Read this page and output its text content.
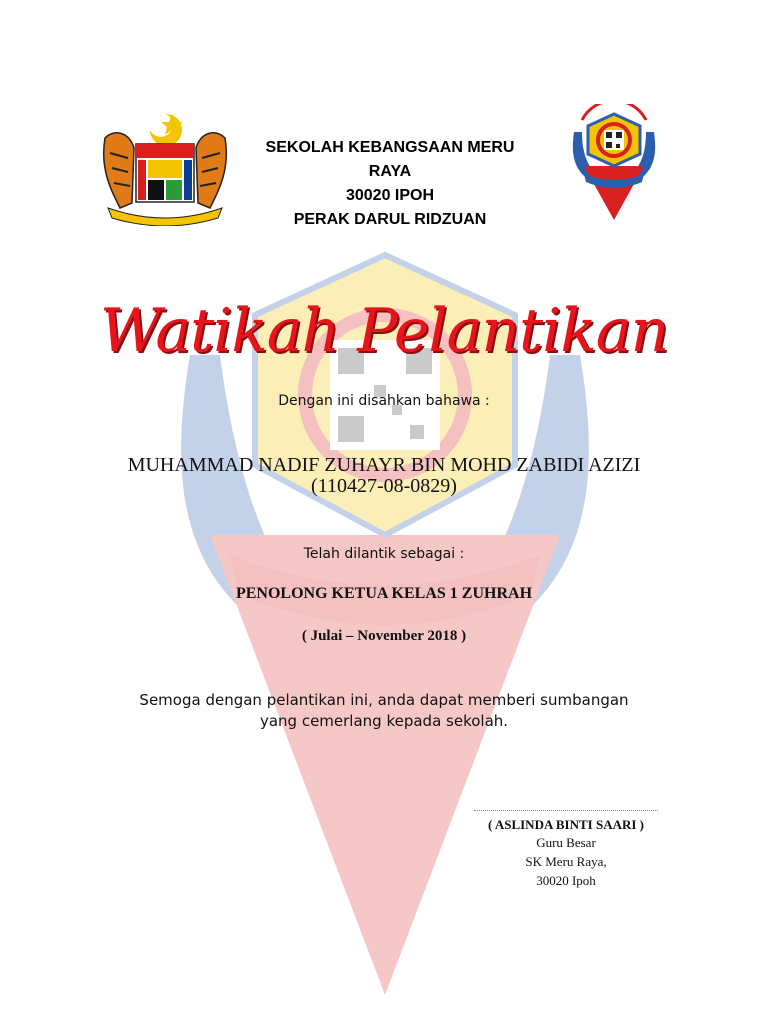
SEKOLAH KEBANGSAAN MERU
RAYA
30020 IPOH
PERAK DARUL RIDZUAN
Watikah Pelantikan
Dengan ini disahkan bahawa :
MUHAMMAD NADIF ZUHAYR BIN MOHD ZABIDI AZIZI
(110427-08-0829)
Telah dilantik sebagai :
PENOLONG KETUA KELAS 1 ZUHRAH
( Julai – November 2018 )
Semoga dengan pelantikan ini, anda dapat memberi sumbangan
yang cemerlang kepada sekolah.
( ASLINDA BINTI SAARI )
Guru Besar
SK Meru Raya,
30020 Ipoh
